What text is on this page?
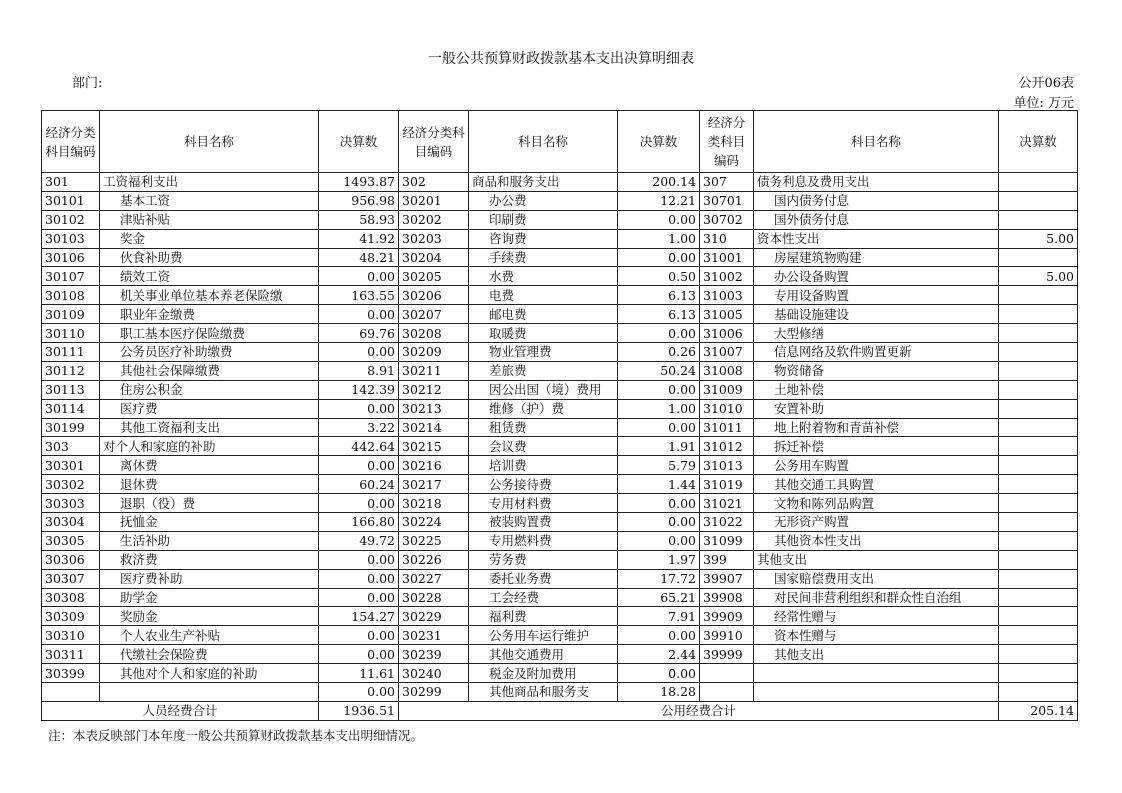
一般公共预算财政拨款基本支出决算明细表
部门:	公开06表
单位: 万元
经济分类科目编码	科目名称	决算数	经济分类科目编码	科目名称	决算数	经济分类科目编码	科目名称	决算数
301	工资福利支出	1493.87	302	商品和服务支出	200.14	307	债务利息及费用支出	
30101	基本工资	956.98	30201	办公费	12.21	30701	国内债务付息	
30102	津贴补贴	58.93	30202	印刷费	0.00	30702	国外债务付息	
30103	奖金	41.92	30203	咨询费	1.00	310	资本性支出	5.00
30106	伙食补助费	48.21	30204	手续费	0.00	31001	房屋建筑物购建	
30107	绩效工资	0.00	30205	水费	0.50	31002	办公设备购置	5.00
30108	机关事业单位基本养老保险缴	163.55	30206	电费	6.13	31003	专用设备购置	
30109	职业年金缴费	0.00	30207	邮电费	6.13	31005	基础设施建设	
30110	职工基本医疗保险缴费	69.76	30208	取暖费	0.00	31006	大型修缮	
30111	公务员医疗补助缴费	0.00	30209	物业管理费	0.26	31007	信息网络及软件购置更新	
30112	其他社会保障缴费	8.91	30211	差旅费	50.24	31008	物资储备	
30113	住房公积金	142.39	30212	因公出国（境）费用	0.00	31009	土地补偿	
30114	医疗费	0.00	30213	维修（护）费	1.00	31010	安置补助	
30199	其他工资福利支出	3.22	30214	租赁费	0.00	31011	地上附着物和青苗补偿	
303	对个人和家庭的补助	442.64	30215	会议费	1.91	31012	拆迁补偿	
30301	离休费	0.00	30216	培训费	5.79	31013	公务用车购置	
30302	退休费	60.24	30217	公务接待费	1.44	31019	其他交通工具购置	
30303	退职（役）费	0.00	30218	专用材料费	0.00	31021	文物和陈列品购置	
30304	抚恤金	166.80	30224	被装购置费	0.00	31022	无形资产购置	
30305	生活补助	49.72	30225	专用燃料费	0.00	31099	其他资本性支出	
30306	救济费	0.00	30226	劳务费	1.97	399	其他支出	
30307	医疗费补助	0.00	30227	委托业务费	17.72	39907	国家赔偿费用支出	
30308	助学金	0.00	30228	工会经费	65.21	39908	对民间非营利组织和群众性自治组	
30309	奖励金	154.27	30229	福利费	7.91	39909	经常性赠与	
30310	个人农业生产补贴	0.00	30231	公务用车运行维护	0.00	39910	资本性赠与	
30311	代缴社会保险费	0.00	30239	其他交通费用	2.44	39999	其他支出	
30399	其他对个人和家庭的补助	11.61	30240	税金及附加费用	0.00			
		0.00	30299	其他商品和服务支	18.28			
人员经费合计		1936.51	公用经费合计					205.14
注：本表反映部门本年度一般公共预算财政拨款基本支出明细情况。
